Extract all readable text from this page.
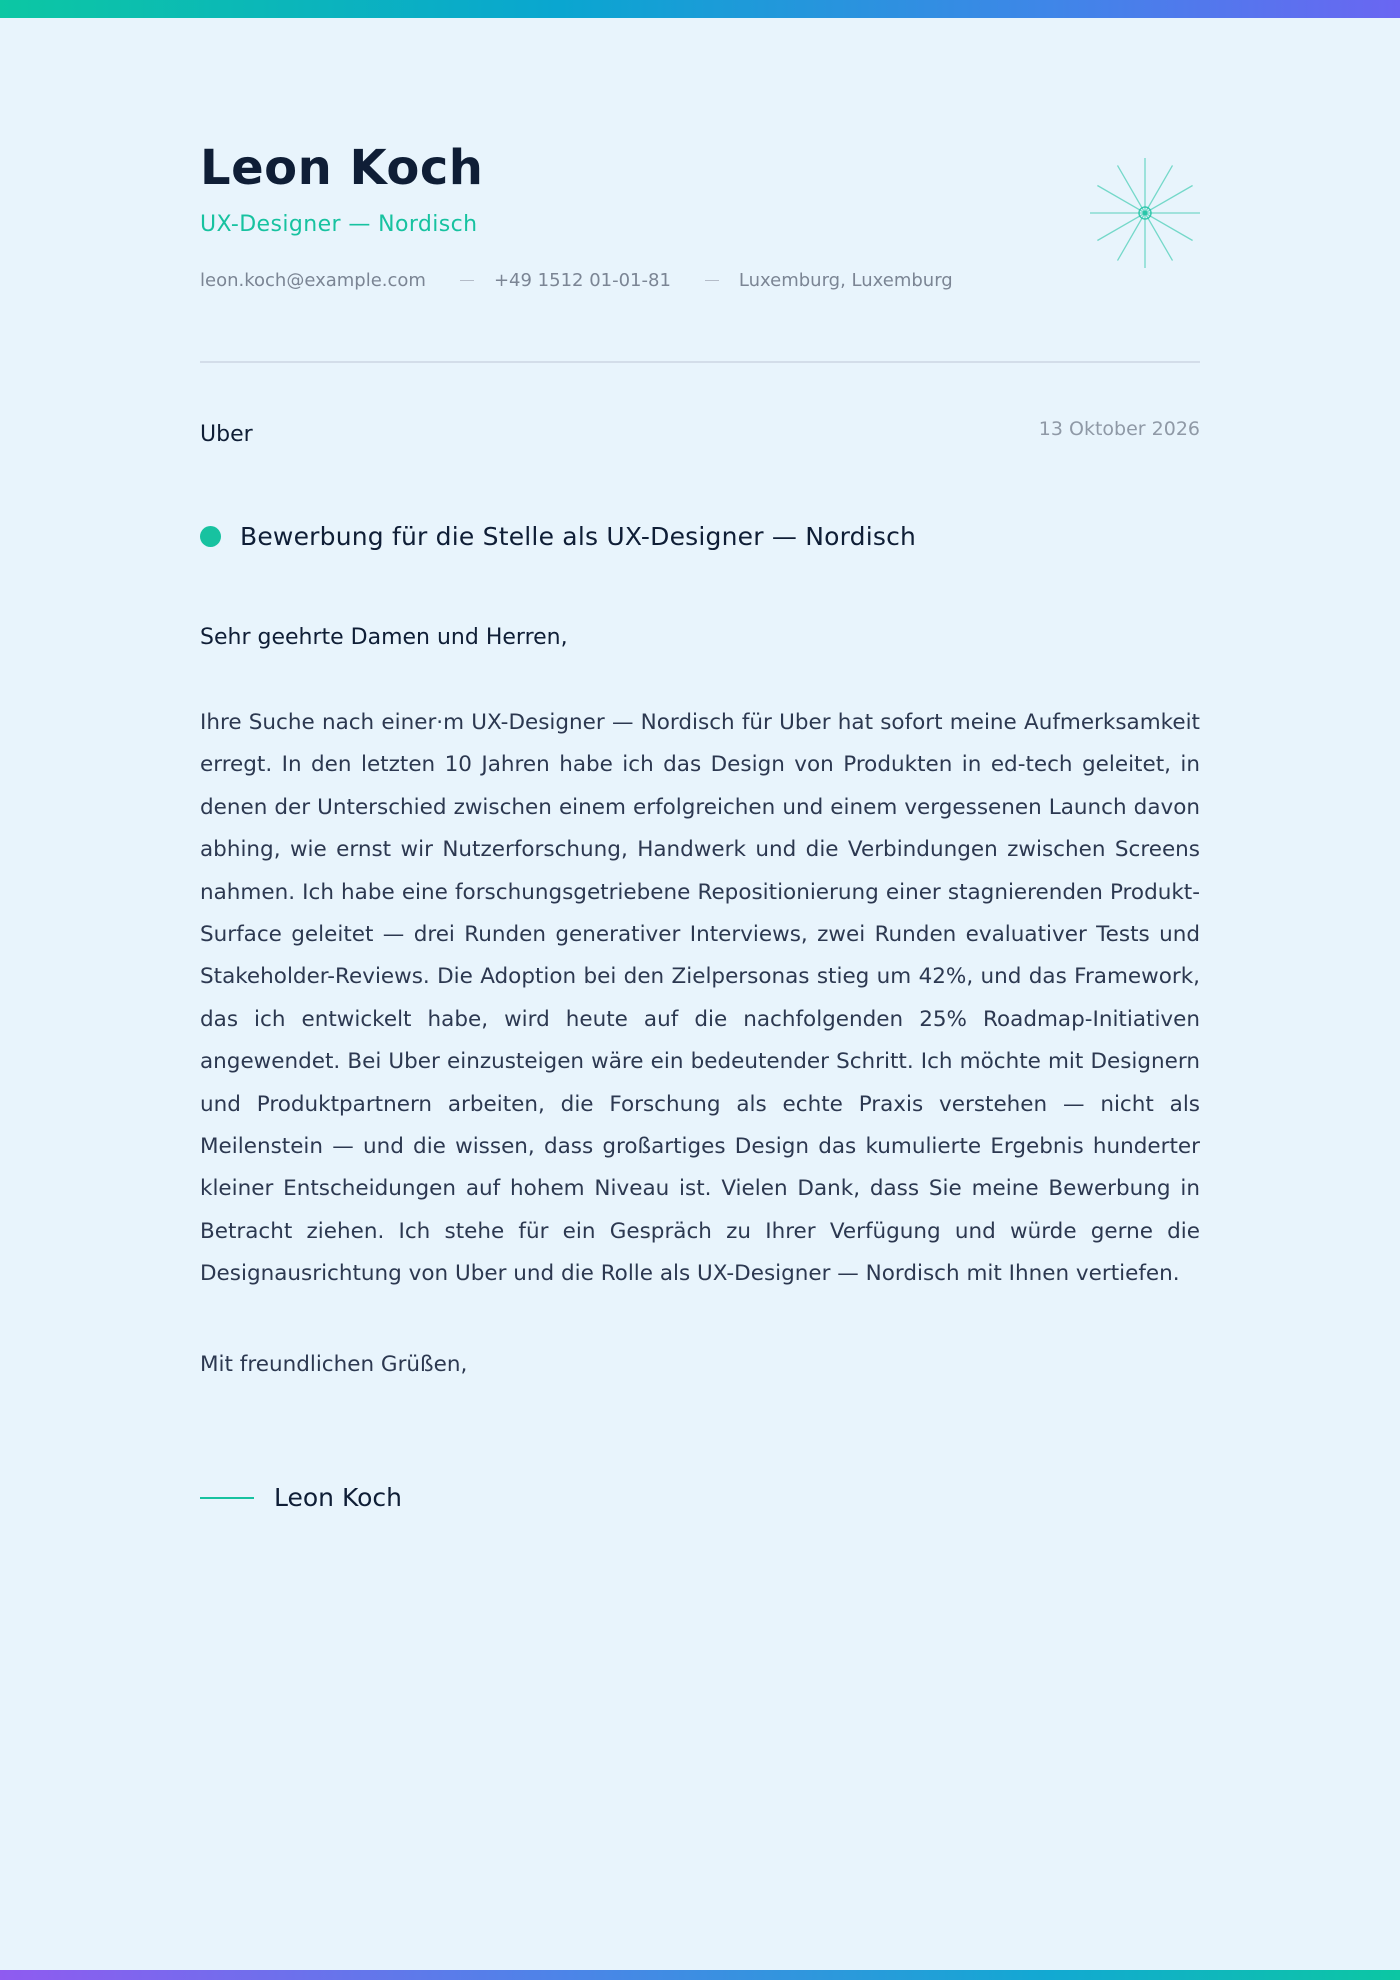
Leon Koch
UX-Designer — Nordisch
leon.koch@example.com	+49 1512 01-01-81	Luxemburg, Luxemburg
Uber	13 Oktober 2026
Bewerbung für die Stelle als UX-Designer — Nordisch
Sehr geehrte Damen und Herren,

Ihre Suche nach einer·m UX-Designer — Nordisch für Uber hat sofort meine Aufmerksamkeit erregt. In den letzten 10 Jahren habe ich das Design von Produkten in ed-tech geleitet, in denen der Unterschied zwischen einem erfolgreichen und einem vergessenen Launch davon abhing, wie ernst wir Nutzerforschung, Handwerk und die Verbindungen zwischen Screens nahmen. Ich habe eine forschungsgetriebene Repositionierung einer stagnierenden Produkt-Surface geleitet — drei Runden generativer Interviews, zwei Runden evaluativer Tests und Stakeholder-Reviews. Die Adoption bei den Zielpersonas stieg um 42%, und das Framework, das ich entwickelt habe, wird heute auf die nachfolgenden 25% Roadmap-Initiativen angewendet. Bei Uber einzusteigen wäre ein bedeutender Schritt. Ich möchte mit Designern und Produktpartnern arbeiten, die Forschung als echte Praxis verstehen — nicht als Meilenstein — und die wissen, dass großartiges Design das kumulierte Ergebnis hunderter kleiner Entscheidungen auf hohem Niveau ist. Vielen Dank, dass Sie meine Bewerbung in Betracht ziehen. Ich stehe für ein Gespräch zu Ihrer Verfügung und würde gerne die Designausrichtung von Uber und die Rolle als UX-Designer — Nordisch mit Ihnen vertiefen.

Mit freundlichen Grüßen,
Leon Koch
